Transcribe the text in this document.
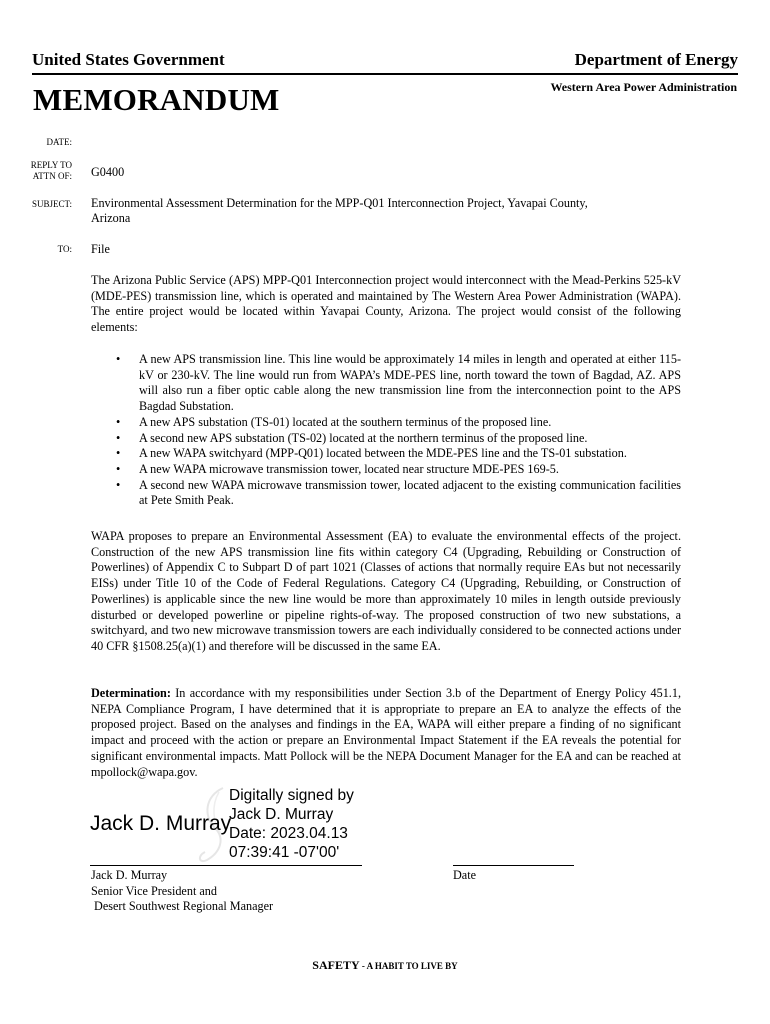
United States Government	Department of Energy
MEMORANDUM	Western Area Power Administration
DATE:
REPLY TO
ATTN OF: G0400
SUBJECT: Environmental Assessment Determination for the MPP-Q01 Interconnection Project, Yavapai County,
Arizona
TO: File
The Arizona Public Service (APS) MPP-Q01 Interconnection project would interconnect with the Mead-Perkins 525-kV (MDE-PES) transmission line, which is operated and maintained by The Western Area Power Administration (WAPA). The entire project would be located within Yavapai County, Arizona. The project would consist of the following elements:
• A new APS transmission line. This line would be approximately 14 miles in length and operated at either 115-kV or 230-kV. The line would run from WAPA’s MDE-PES line, north toward the town of Bagdad, AZ. APS will also run a fiber optic cable along the new transmission line from the interconnection point to the APS Bagdad Substation.
• A new APS substation (TS-01) located at the southern terminus of the proposed line.
• A second new APS substation (TS-02) located at the northern terminus of the proposed line.
• A new WAPA switchyard (MPP-Q01) located between the MDE-PES line and the TS-01 substation.
• A new WAPA microwave transmission tower, located near structure MDE-PES 169-5.
• A second new WAPA microwave transmission tower, located adjacent to the existing communication facilities at Pete Smith Peak.
WAPA proposes to prepare an Environmental Assessment (EA) to evaluate the environmental effects of the project. Construction of the new APS transmission line fits within category C4 (Upgrading, Rebuilding or Construction of Powerlines) of Appendix C to Subpart D of part 1021 (Classes of actions that normally require EAs but not necessarily EISs) under Title 10 of the Code of Federal Regulations. Category C4 (Upgrading, Rebuilding, or Construction of Powerlines) is applicable since the new line would be more than approximately 10 miles in length outside previously disturbed or developed powerline or pipeline rights-of-way. The proposed construction of two new substations, a switchyard, and two new microwave transmission towers are each individually considered to be connected actions under 40 CFR §1508.25(a)(1) and therefore will be discussed in the same EA.
Determination: In accordance with my responsibilities under Section 3.b of the Department of Energy Policy 451.1, NEPA Compliance Program, I have determined that it is appropriate to prepare an EA to analyze the effects of the proposed project. Based on the analyses and findings in the EA, WAPA will either prepare a finding of no significant impact and proceed with the action or prepare an Environmental Impact Statement if the EA reveals the potential for significant environmental impacts. Matt Pollock will be the NEPA Document Manager for the EA and can be reached at mpollock@wapa.gov.
Jack D. Murray
Digitally signed by
Jack D. Murray
Date: 2023.04.13
07:39:41 -07'00'
Jack D. Murray
Senior Vice President and
Desert Southwest Regional Manager
Date
SAFETY - A HABIT TO LIVE BY
